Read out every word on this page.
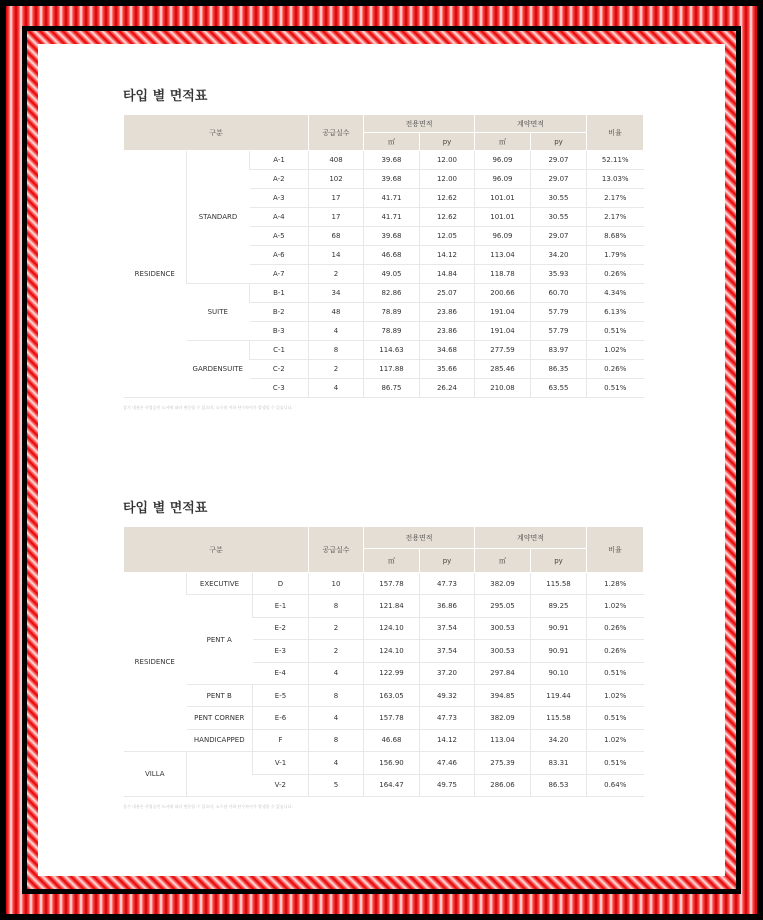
타입 별 면적표
구분			공급실수	전용면적		계약면적		비율
				㎡	py	㎡	py	
RESIDENCE	STANDARD	A-1	408	39.68	12.00	96.09	29.07	52.11%
		A-2	102	39.68	12.00	96.09	29.07	13.03%
		A-3	17	41.71	12.62	101.01	30.55	2.17%
		A-4	17	41.71	12.62	101.01	30.55	2.17%
		A-5	68	39.68	12.05	96.09	29.07	8.68%
		A-6	14	46.68	14.12	113.04	34.20	1.79%
		A-7	2	49.05	14.84	118.78	35.93	0.26%
	SUITE	B-1	34	82.86	25.07	200.66	60.70	4.34%
		B-2	48	78.89	23.86	191.04	57.79	6.13%
		B-3	4	78.89	23.86	191.04	57.79	0.51%
	GARDENSUITE	C-1	8	114.63	34.68	277.59	83.97	1.02%
		C-2	2	117.88	35.66	285.46	86.35	0.26%
		C-3	4	86.75	26.24	210.08	63.55	0.51%
상기 내용은 사업승인 도서에 따라 변동될 수 있으며, 소수점 이하 단수차이가 발생할 수 있습니다.
타입 별 면적표
구분			공급실수	전용면적		계약면적		비율
				㎡	py	㎡	py	
RESIDENCE	EXECUTIVE	D	10	157.78	47.73	382.09	115.58	1.28%
	PENT A	E-1	8	121.84	36.86	295.05	89.25	1.02%
		E-2	2	124.10	37.54	300.53	90.91	0.26%
		E-3	2	124.10	37.54	300.53	90.91	0.26%
		E-4	4	122.99	37.20	297.84	90.10	0.51%
	PENT B	E-5	8	163.05	49.32	394.85	119.44	1.02%
	PENT CORNER	E-6	4	157.78	47.73	382.09	115.58	0.51%
	HANDICAPPED	F	8	46.68	14.12	113.04	34.20	1.02%
VILLA		V-1	4	156.90	47.46	275.39	83.31	0.51%
		V-2	5	164.47	49.75	286.06	86.53	0.64%
상기 내용은 사업승인 도서에 따라 변동될 수 있으며, 소수점 이하 단수차이가 발생할 수 있습니다.
